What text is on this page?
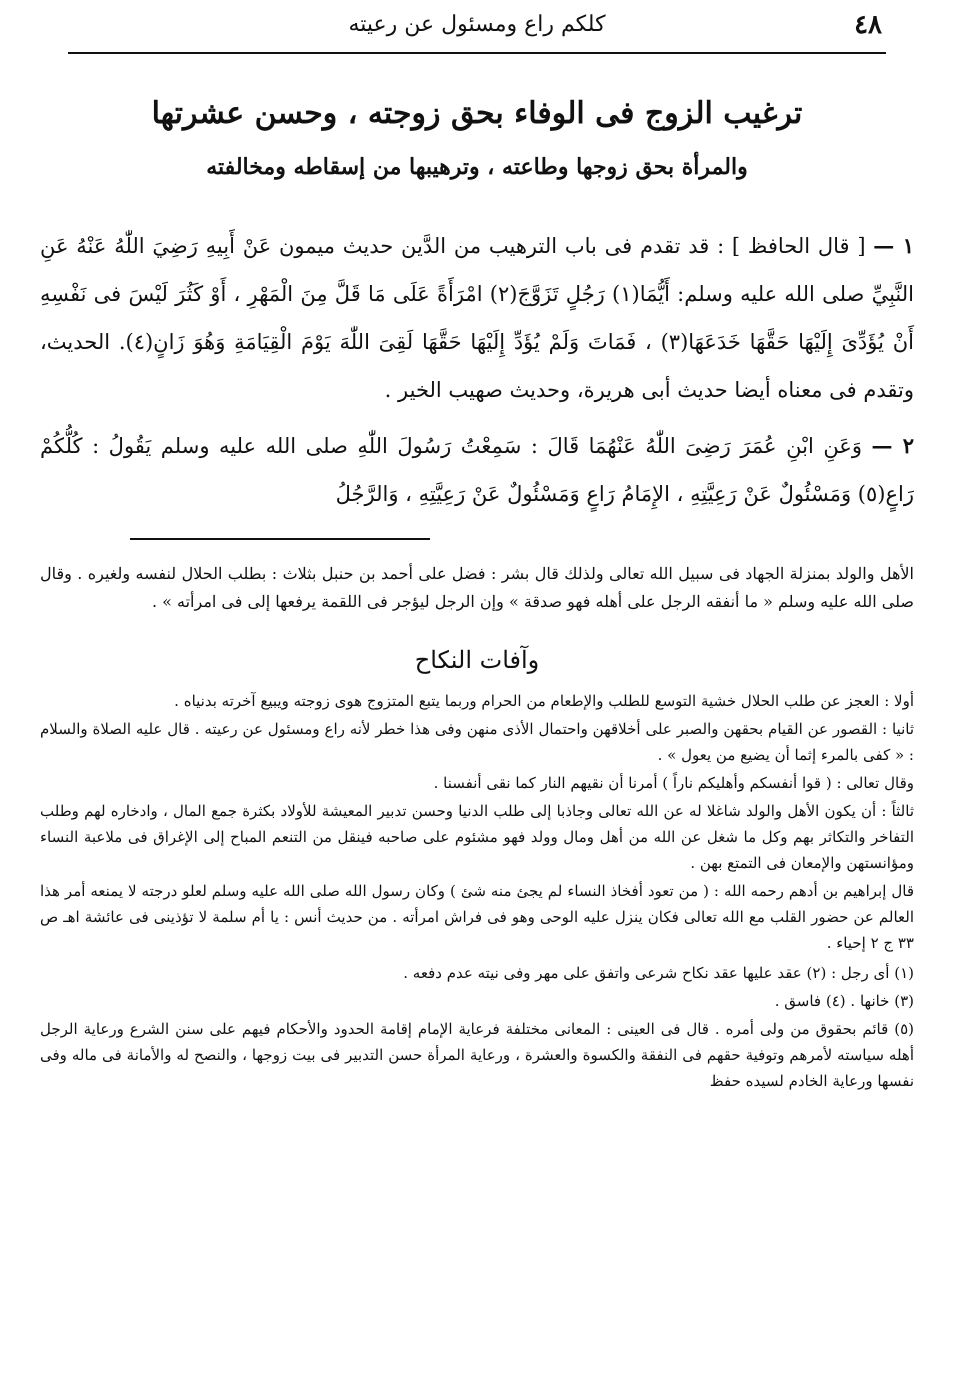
٤٨
كلكم راع ومسئول عن رعيته
ترغيب الزوج فى الوفاء بحق زوجته ، وحسن عشرتها
والمرأة بحق زوجها وطاعته ، وترهيبها من إسقاطه ومخالفته

١ — [ قال الحافظ ] : قد تقدم فى باب الترهيب من الدَّين حديث ميمون عَنْ أَبِيهِ رَضِيَ اللّٰهُ عَنْهُ عَنِ النَّبِيِّ صلى الله عليه وسلم: أَيُّمَا(١) رَجُلٍ تَزَوَّجَ(٢) امْرَأَةً عَلَى مَا قَلَّ مِنَ الْمَهْرِ ، أَوْ كَثُرَ لَيْسَ فى نَفْسِهِ أَنْ يُؤَدِّىَ إِلَيْهَا حَقَّهَا خَدَعَهَا(٣) ، فَمَاتَ وَلَمْ يُؤَدِّ إِلَيْهَا حَقَّهَا لَقِىَ اللّٰهَ يَوْمَ الْقِيَامَةِ وَهُوَ زَانٍ(٤). الحديث، وتقدم فى معناه أيضا حديث أبى هريرة، وحديث صهيب الخير .

٢ — وَعَنِ ابْنِ عُمَرَ رَضِىَ اللّٰهُ عَنْهُمَا قَالَ : سَمِعْتُ رَسُولَ اللّٰهِ صلى الله عليه وسلم يَقُولُ : كُلُّكُمْ رَاعٍ(٥) وَمَسْئُولٌ عَنْ رَعِيَّتِهِ ، الإِمَامُ رَاعٍ وَمَسْئُولٌ عَنْ رَعِيَّتِهِ ، وَالرَّجُلُ

الأهل والولد بمنزلة الجهاد فى سبيل الله تعالى ولذلك قال بشر : فضل على أحمد بن حنبل بثلاث : بطلب الحلال لنفسه ولغيره . وقال صلى الله عليه وسلم « ما أنفقه الرجل على أهله فهو صدقة » وإن الرجل ليؤجر فى اللقمة يرفعها إلى فى امرأته » .
وآفات النكاح

أولا : العجز عن طلب الحلال خشية التوسع للطلب والإطعام من الحرام وربما يتبع المتزوج هوى زوجته ويبيع آخرته بدنياه .

ثانيا : القصور عن القيام بحقهن والصبر على أخلاقهن واحتمال الأذى منهن وفى هذا خطر لأنه راع ومسئول عن رعيته . قال عليه الصلاة والسلام : « كفى بالمرء إثما أن يضيع من يعول » .

وقال تعالى : ( قوا أنفسكم وأهليكم ناراً ) أمرنا أن نقيهم النار كما نقى أنفسنا .

ثالثاً : أن يكون الأهل والولد شاغلا له عن الله تعالى وجاذبا إلى طلب الدنيا وحسن تدبير المعيشة للأولاد بكثرة جمع المال ، وادخاره لهم وطلب التفاخر والتكاثر بهم وكل ما شغل عن الله من أهل ومال وولد فهو مشئوم على صاحبه فينقل من التنعم المباح إلى الإغراق فى ملاعبة النساء ومؤانستهن والإمعان فى التمتع بهن .

قال إبراهيم بن أدهم رحمه الله : ( من تعود أفخاذ النساء لم يجئ منه شئ ) وكان رسول الله صلى الله عليه وسلم لعلو درجته لا يمنعه أمر هذا العالم عن حضور القلب مع الله تعالى فكان ينزل عليه الوحى وهو فى فراش امرأته . من حديث أنس : يا أم سلمة لا تؤذينى فى عائشة اهـ ص ٣٣ ج ٢ إحياء .

(١) أى رجل : (٢) عقد عليها عقد نكاح شرعى واتفق على مهر وفى نيته عدم دفعه .

(٣) خانها . (٤) فاسق .

(٥) قائم بحقوق من ولى أمره . قال فى العينى : المعانى مختلفة فرعاية الإمام إقامة الحدود والأحكام فيهم على سنن الشرع ورعاية الرجل أهله سياسته لأمرهم وتوفية حقهم فى النفقة والكسوة والعشرة ، ورعاية المرأة حسن التدبير فى بيت زوجها ، والنصح له والأمانة فى ماله وفى نفسها ورعاية الخادم لسيده حفظ
